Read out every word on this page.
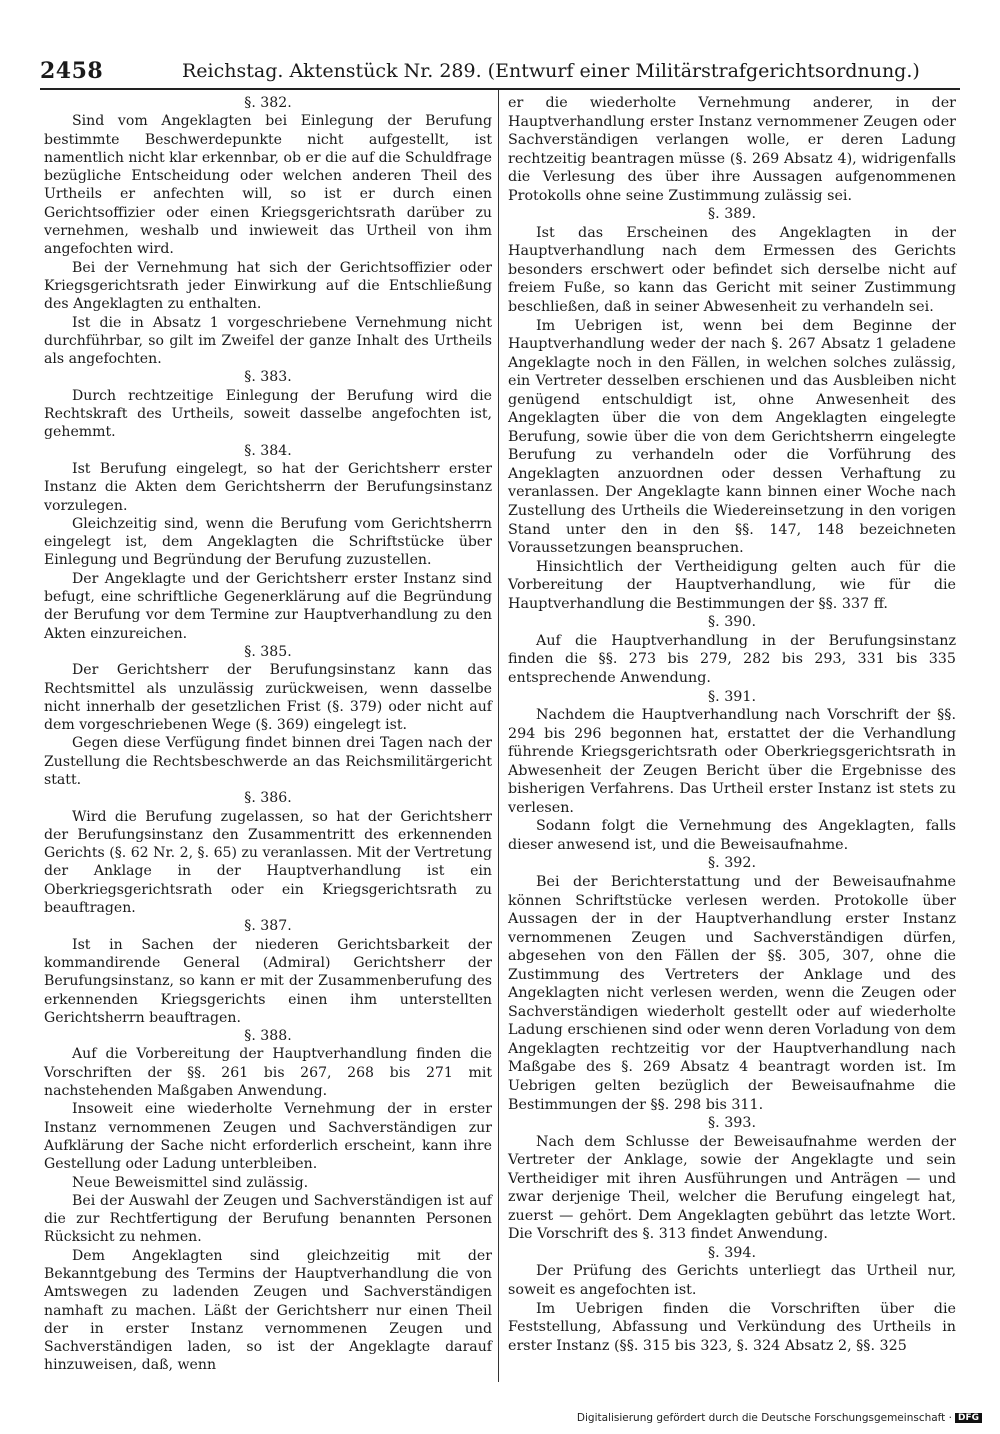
2458	Reichstag. Aktenstück Nr. 289. (Entwurf einer Militärstrafgerichtsordnung.)

§. 382.

Sind vom Angeklagten bei Einlegung der Berufung bestimmte Beschwerdepunkte nicht aufgestellt, ist namentlich nicht klar erkennbar, ob er die auf die Schuldfrage bezügliche Entscheidung oder welchen anderen Theil des Urtheils er anfechten will, so ist er durch einen Gerichtsoffizier oder einen Kriegsgerichtsrath darüber zu vernehmen, weshalb und inwieweit das Urtheil von ihm angefochten wird.

Bei der Vernehmung hat sich der Gerichtsoffizier oder Kriegsgerichtsrath jeder Einwirkung auf die Entschließung des Angeklagten zu enthalten.

Ist die in Absatz 1 vorgeschriebene Vernehmung nicht durchführbar, so gilt im Zweifel der ganze Inhalt des Urtheils als angefochten.

§. 383.

Durch rechtzeitige Einlegung der Berufung wird die Rechtskraft des Urtheils, soweit dasselbe angefochten ist, gehemmt.

§. 384.

Ist Berufung eingelegt, so hat der Gerichtsherr erster Instanz die Akten dem Gerichtsherrn der Berufungsinstanz vorzulegen.

Gleichzeitig sind, wenn die Berufung vom Gerichtsherrn eingelegt ist, dem Angeklagten die Schriftstücke über Einlegung und Begründung der Berufung zuzustellen.

Der Angeklagte und der Gerichtsherr erster Instanz sind befugt, eine schriftliche Gegenerklärung auf die Begründung der Berufung vor dem Termine zur Hauptverhandlung zu den Akten einzureichen.

§. 385.

Der Gerichtsherr der Berufungsinstanz kann das Rechtsmittel als unzulässig zurückweisen, wenn dasselbe nicht innerhalb der gesetzlichen Frist (§. 379) oder nicht auf dem vorgeschriebenen Wege (§. 369) eingelegt ist.

Gegen diese Verfügung findet binnen drei Tagen nach der Zustellung die Rechtsbeschwerde an das Reichsmilitärgericht statt.

§. 386.

Wird die Berufung zugelassen, so hat der Gerichtsherr der Berufungsinstanz den Zusammentritt des erkennenden Gerichts (§. 62 Nr. 2, §. 65) zu veranlassen. Mit der Vertretung der Anklage in der Hauptverhandlung ist ein Oberkriegsgerichtsrath oder ein Kriegsgerichtsrath zu beauftragen.

§. 387.

Ist in Sachen der niederen Gerichtsbarkeit der kommandirende General (Admiral) Gerichtsherr der Berufungsinstanz, so kann er mit der Zusammenberufung des erkennenden Kriegsgerichts einen ihm unterstellten Gerichtsherrn beauftragen.

§. 388.

Auf die Vorbereitung der Hauptverhandlung finden die Vorschriften der §§. 261 bis 267, 268 bis 271 mit nachstehenden Maßgaben Anwendung.

Insoweit eine wiederholte Vernehmung der in erster Instanz vernommenen Zeugen und Sachverständigen zur Aufklärung der Sache nicht erforderlich erscheint, kann ihre Gestellung oder Ladung unterbleiben.

Neue Beweismittel sind zulässig.

Bei der Auswahl der Zeugen und Sachverständigen ist auf die zur Rechtfertigung der Berufung benannten Personen Rücksicht zu nehmen.

Dem Angeklagten sind gleichzeitig mit der Bekanntgebung des Termins der Hauptverhandlung die von Amtswegen zu ladenden Zeugen und Sachverständigen namhaft zu machen. Läßt der Gerichtsherr nur einen Theil der in erster Instanz vernommenen Zeugen und Sachverständigen laden, so ist der Angeklagte darauf hinzuweisen, daß, wenn

er die wiederholte Vernehmung anderer, in der Hauptverhandlung erster Instanz vernommener Zeugen oder Sachverständigen verlangen wolle, er deren Ladung rechtzeitig beantragen müsse (§. 269 Absatz 4), widrigenfalls die Verlesung des über ihre Aussagen aufgenommenen Protokolls ohne seine Zustimmung zulässig sei.

§. 389.

Ist das Erscheinen des Angeklagten in der Hauptverhandlung nach dem Ermessen des Gerichts besonders erschwert oder befindet sich derselbe nicht auf freiem Fuße, so kann das Gericht mit seiner Zustimmung beschließen, daß in seiner Abwesenheit zu verhandeln sei.

Im Uebrigen ist, wenn bei dem Beginne der Hauptverhandlung weder der nach §. 267 Absatz 1 geladene Angeklagte noch in den Fällen, in welchen solches zulässig, ein Vertreter desselben erschienen und das Ausbleiben nicht genügend entschuldigt ist, ohne Anwesenheit des Angeklagten über die von dem Angeklagten eingelegte Berufung, sowie über die von dem Gerichtsherrn eingelegte Berufung zu verhandeln oder die Vorführung des Angeklagten anzuordnen oder dessen Verhaftung zu veranlassen. Der Angeklagte kann binnen einer Woche nach Zustellung des Urtheils die Wiedereinsetzung in den vorigen Stand unter den in den §§. 147, 148 bezeichneten Voraussetzungen beanspruchen.

Hinsichtlich der Vertheidigung gelten auch für die Vorbereitung der Hauptverhandlung, wie für die Hauptverhandlung die Bestimmungen der §§. 337 ff.

§. 390.

Auf die Hauptverhandlung in der Berufungsinstanz finden die §§. 273 bis 279, 282 bis 293, 331 bis 335 entsprechende Anwendung.

§. 391.

Nachdem die Hauptverhandlung nach Vorschrift der §§. 294 bis 296 begonnen hat, erstattet der die Verhandlung führende Kriegsgerichtsrath oder Oberkriegsgerichtsrath in Abwesenheit der Zeugen Bericht über die Ergebnisse des bisherigen Verfahrens. Das Urtheil erster Instanz ist stets zu verlesen.

Sodann folgt die Vernehmung des Angeklagten, falls dieser anwesend ist, und die Beweisaufnahme.

§. 392.

Bei der Berichterstattung und der Beweisaufnahme können Schriftstücke verlesen werden. Protokolle über Aussagen der in der Hauptverhandlung erster Instanz vernommenen Zeugen und Sachverständigen dürfen, abgesehen von den Fällen der §§. 305, 307, ohne die Zustimmung des Vertreters der Anklage und des Angeklagten nicht verlesen werden, wenn die Zeugen oder Sachverständigen wiederholt gestellt oder auf wiederholte Ladung erschienen sind oder wenn deren Vorladung von dem Angeklagten rechtzeitig vor der Hauptverhandlung nach Maßgabe des §. 269 Absatz 4 beantragt worden ist. Im Uebrigen gelten bezüglich der Beweisaufnahme die Bestimmungen der §§. 298 bis 311.

§. 393.

Nach dem Schlusse der Beweisaufnahme werden der Vertreter der Anklage, sowie der Angeklagte und sein Vertheidiger mit ihren Ausführungen und Anträgen — und zwar derjenige Theil, welcher die Berufung eingelegt hat, zuerst — gehört. Dem Angeklagten gebührt das letzte Wort. Die Vorschrift des §. 313 findet Anwendung.

§. 394.

Der Prüfung des Gerichts unterliegt das Urtheil nur, soweit es angefochten ist.

Im Uebrigen finden die Vorschriften über die Feststellung, Abfassung und Verkündung des Urtheils in erster Instanz (§§. 315 bis 323, §. 324 Absatz 2, §§. 325

Digitalisierung gefördert durch die Deutsche Forschungsgemeinschaft · DFG
